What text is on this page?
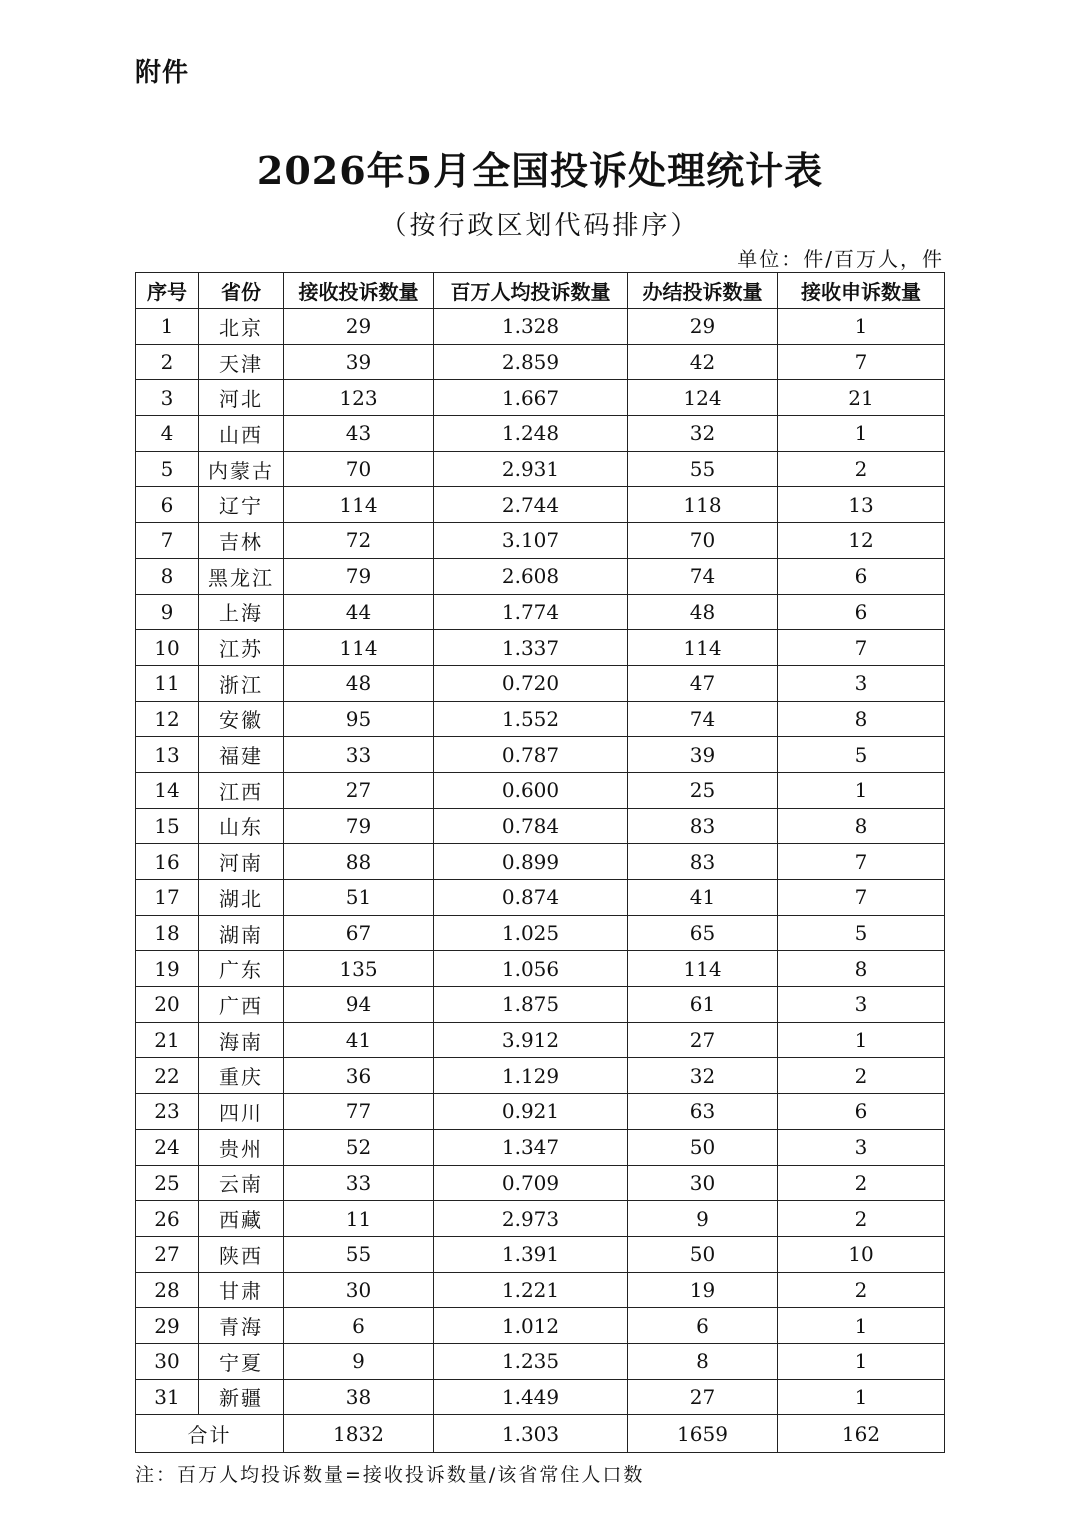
附件
2026年5月全国投诉处理统计表
（按行政区划代码排序）
单位：件/百万人，件
序号	省份	接收投诉数量	百万人均投诉数量	办结投诉数量	接收申诉数量
1	北京	29	1.328	29	1
2	天津	39	2.859	42	7
3	河北	123	1.667	124	21
4	山西	43	1.248	32	1
5	内蒙古	70	2.931	55	2
6	辽宁	114	2.744	118	13
7	吉林	72	3.107	70	12
8	黑龙江	79	2.608	74	6
9	上海	44	1.774	48	6
10	江苏	114	1.337	114	7
11	浙江	48	0.720	47	3
12	安徽	95	1.552	74	8
13	福建	33	0.787	39	5
14	江西	27	0.600	25	1
15	山东	79	0.784	83	8
16	河南	88	0.899	83	7
17	湖北	51	0.874	41	7
18	湖南	67	1.025	65	5
19	广东	135	1.056	114	8
20	广西	94	1.875	61	3
21	海南	41	3.912	27	1
22	重庆	36	1.129	32	2
23	四川	77	0.921	63	6
24	贵州	52	1.347	50	3
25	云南	33	0.709	30	2
26	西藏	11	2.973	9	2
27	陕西	55	1.391	50	10
28	甘肃	30	1.221	19	2
29	青海	6	1.012	6	1
30	宁夏	9	1.235	8	1
31	新疆	38	1.449	27	1
合计		1832	1.303	1659	162
注：百万人均投诉数量=接收投诉数量/该省常住人口数
